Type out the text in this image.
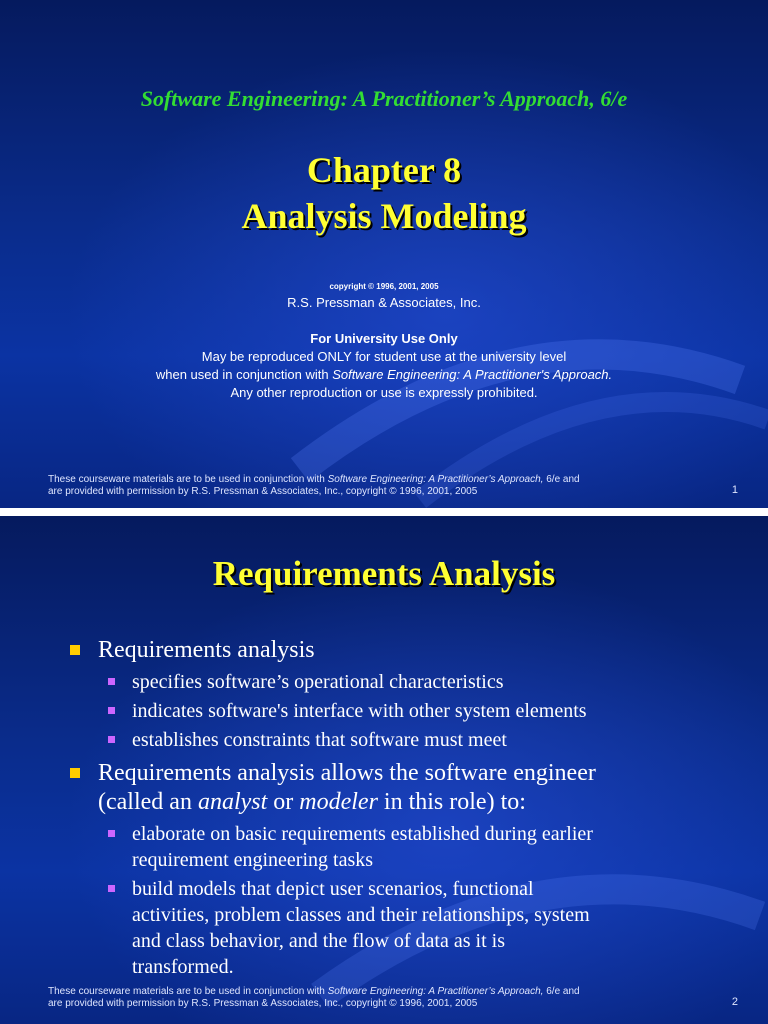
Software Engineering: A Practitioner’s Approach, 6/e
Chapter 8
Analysis Modeling
copyright © 1996, 2001, 2005
R.S. Pressman & Associates, Inc.
For University Use Only
May be reproduced ONLY for student use at the university level
when used in conjunction with Software Engineering: A Practitioner's Approach.
Any other reproduction or use is expressly prohibited.
These courseware materials are to be used in conjunction with Software Engineering: A Practitioner’s Approach, 6/e and
are provided with permission by R.S. Pressman & Associates, Inc., copyright © 1996, 2001, 2005	1
Requirements Analysis
Requirements analysis
specifies software’s operational characteristics
indicates software's interface with other system elements
establishes constraints that software must meet
Requirements analysis allows the software engineer
(called an analyst or modeler in this role) to:
elaborate on basic requirements established during earlier
requirement engineering tasks
build models that depict user scenarios, functional
activities, problem classes and their relationships, system
and class behavior, and the flow of data as it is
transformed.
These courseware materials are to be used in conjunction with Software Engineering: A Practitioner’s Approach, 6/e and
are provided with permission by R.S. Pressman & Associates, Inc., copyright © 1996, 2001, 2005	2
